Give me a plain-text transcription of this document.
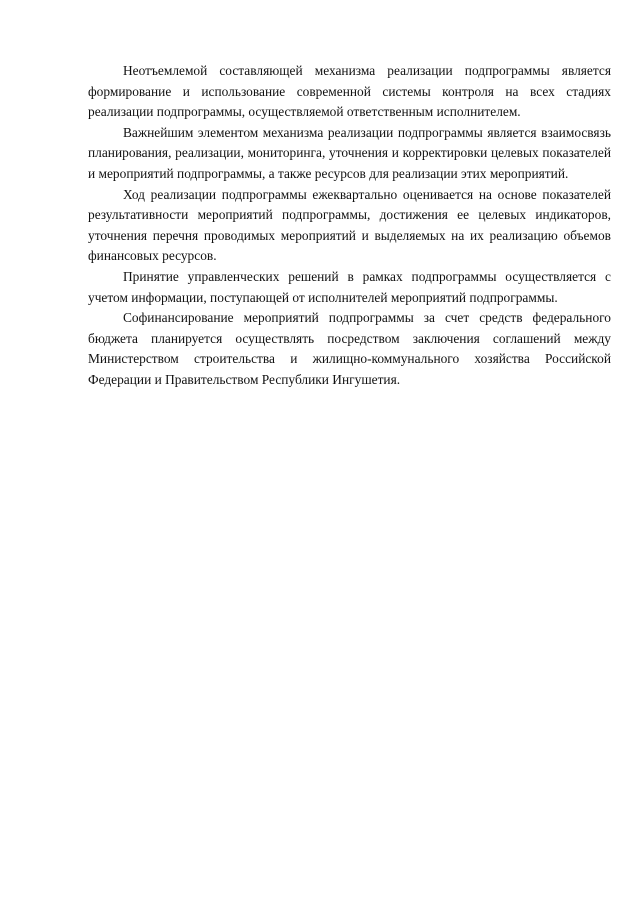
Неотъемлемой составляющей механизма реализации подпрограммы является формирование и использование современной системы контроля на всех стадиях реализации подпрограммы, осуществляемой ответственным исполнителем.

Важнейшим элементом механизма реализации подпрограммы является взаимосвязь планирования, реализации, мониторинга, уточнения и корректировки целевых показателей и мероприятий подпрограммы, а также ресурсов для реализации этих мероприятий.

Ход реализации подпрограммы ежеквартально оценивается на основе показателей результативности мероприятий подпрограммы, достижения ее целевых индикаторов, уточнения перечня проводимых мероприятий и выделяемых на их реализацию объемов финансовых ресурсов.

Принятие управленческих решений в рамках подпрограммы осуществляется с учетом информации, поступающей от исполнителей мероприятий подпрограммы.

Софинансирование мероприятий подпрограммы за счет средств федерального бюджета планируется осуществлять посредством заключения соглашений между Министерством строительства и жилищно-коммунального хозяйства Российской Федерации и Правительством Республики Ингушетия.
